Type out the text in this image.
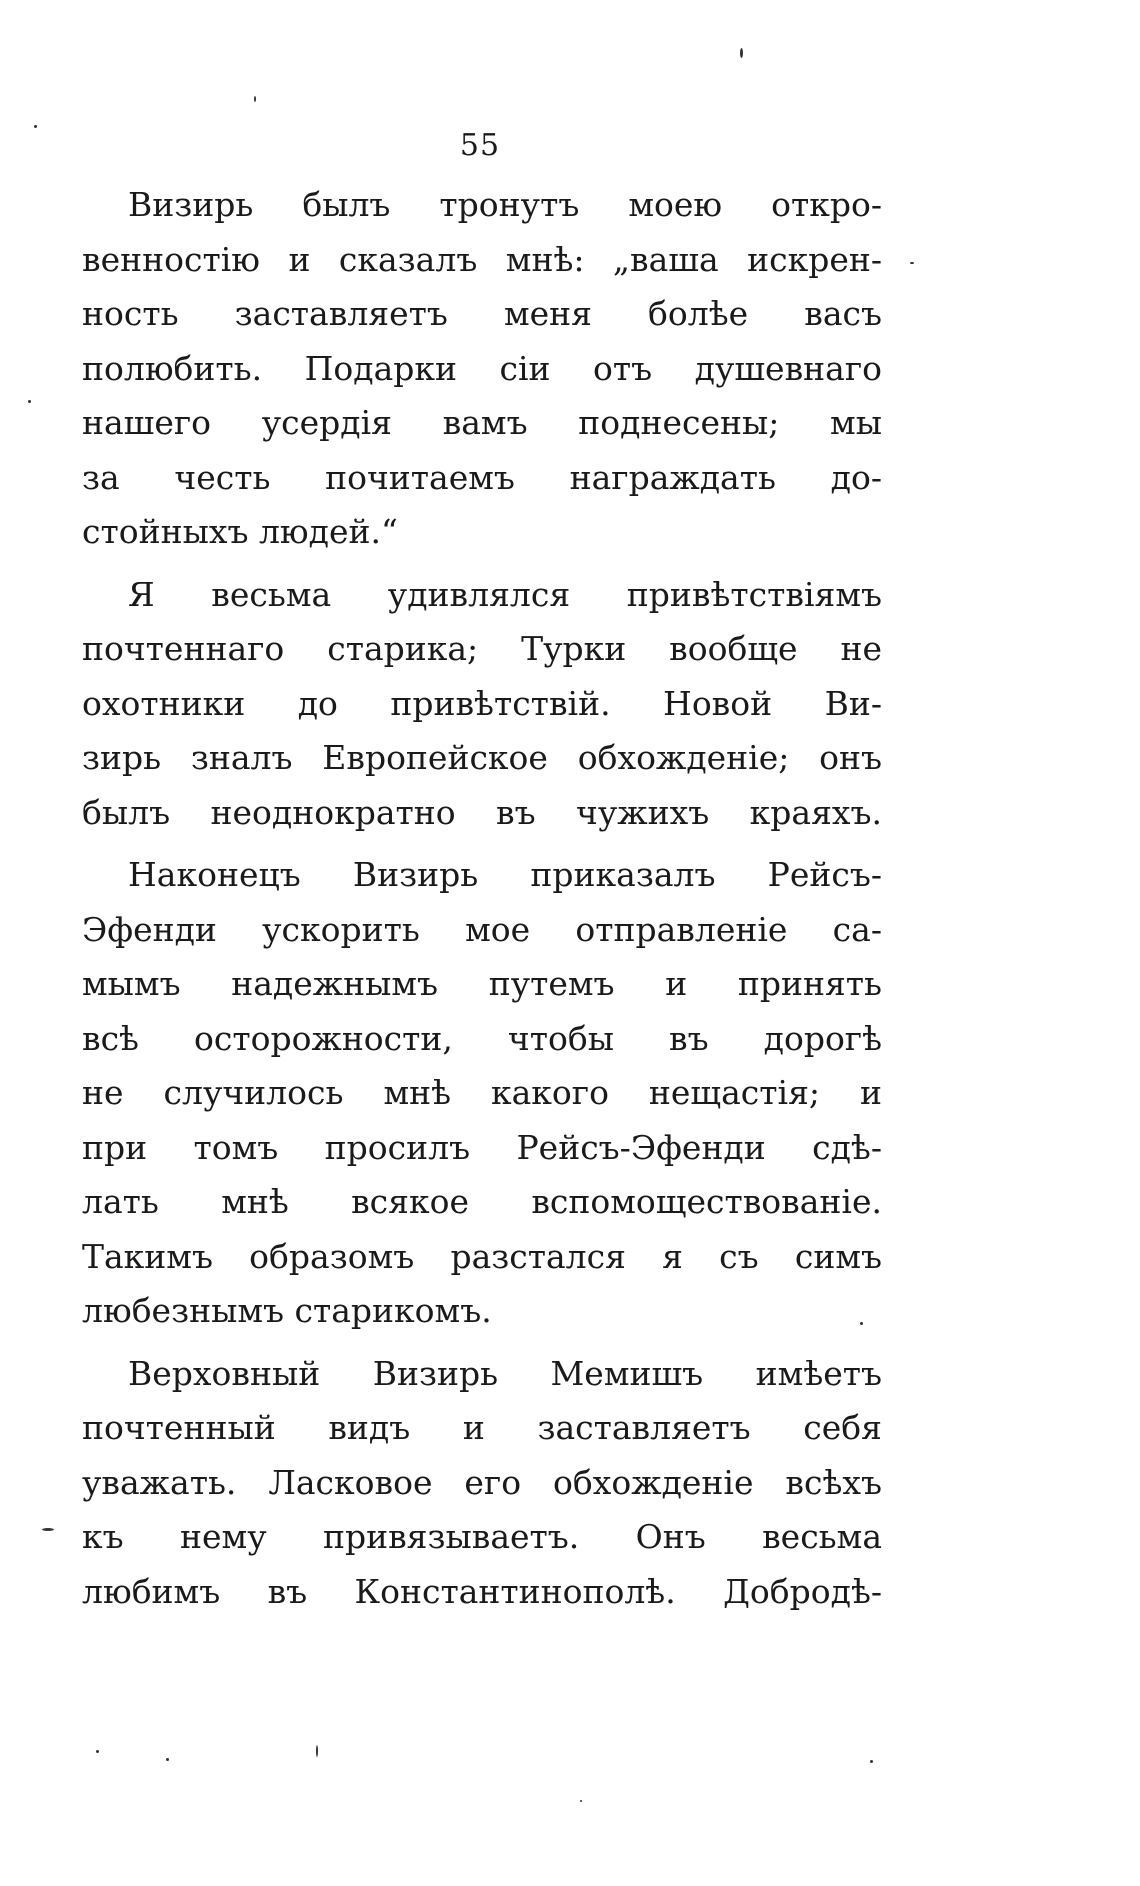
55
Визирь былъ тронутъ моею откро-
венностію и сказалъ мнѣ: „ваша искрен-
ность заставляетъ меня болѣе васъ
полюбить. Подарки сіи отъ душевнаго
нашего усердія вамъ поднесены; мы
за честь почитаемъ награждать до-
стойныхъ людей.“
Я весьма удивлялся привѣтствіямъ
почтеннаго старика; Турки вообще не
охотники до привѣтствій. Новой Ви-
зирь зналъ Европейское обхожденіе; онъ
былъ неоднократно въ чужихъ краяхъ.
Наконецъ Визирь приказалъ Рейсъ-
Эфенди ускорить мое отправленіе са-
мымъ надежнымъ путемъ и принять
всѣ осторожности, чтобы въ дорогѣ
не случилось мнѣ какого нещастія; и
при томъ просилъ Рейсъ-Эфенди сдѣ-
лать мнѣ всякое вспомоществованіе.
Такимъ образомъ разстался я съ симъ
любезнымъ старикомъ.
Верховный Визирь Мемишъ имѣетъ
почтенный видъ и заставляетъ себя
уважать. Ласковое его обхожденіе всѣхъ
къ нему привязываетъ. Онъ весьма
любимъ въ Константинополѣ. Добродѣ-
